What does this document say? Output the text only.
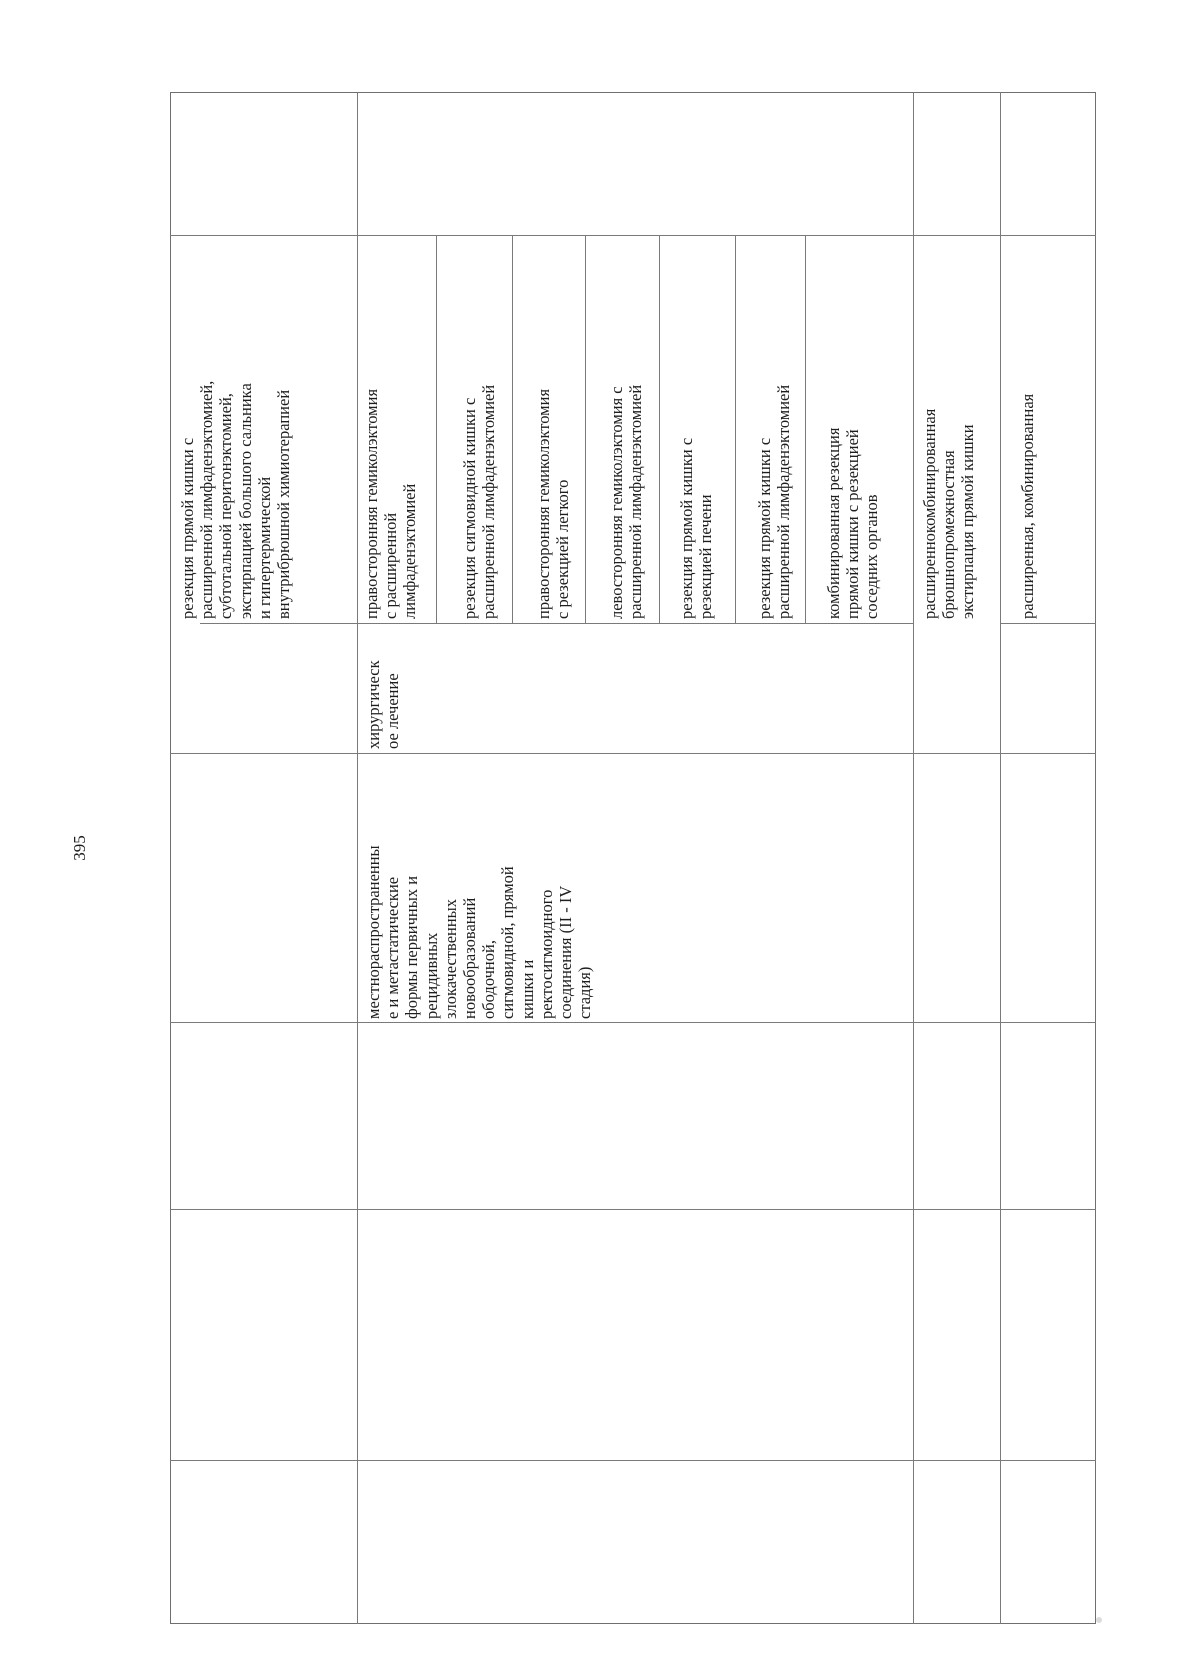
395
резекция прямой кишки с
расширенной лимфаденэктомией,
субтотальной перитонэктомией,
экстирпацией большого сальника
и гипертермической
внутрибрюшной химиотерапией
местнораспространенны
е и метастатические
формы первичных и
рецидивных
злокачественных
новообразований
ободочной,
сигмовидной, прямой
кишки и
ректосигмоидного
соединения (II - IV
стадия)
хирургическ
ое лечение
правосторонняя гемиколэктомия
с расширенной
лимфаденэктомией резекция сигмовидной кишки с
расширенной лимфаденэктомией
правосторонняя гемиколэктомия
с резекцией легкого
левосторонняя гемиколэктомия с
расширенной лимфаденэктомией
резекция прямой кишки с
резекцией печени
резекция прямой кишки с
расширенной лимфаденэктомией
комбинированная резекция
прямой кишки с резекцией
соседних органов расширеннокомбинированная
брюшнопромежностная
экстирпация прямой кишки расширенная, комбинированная
